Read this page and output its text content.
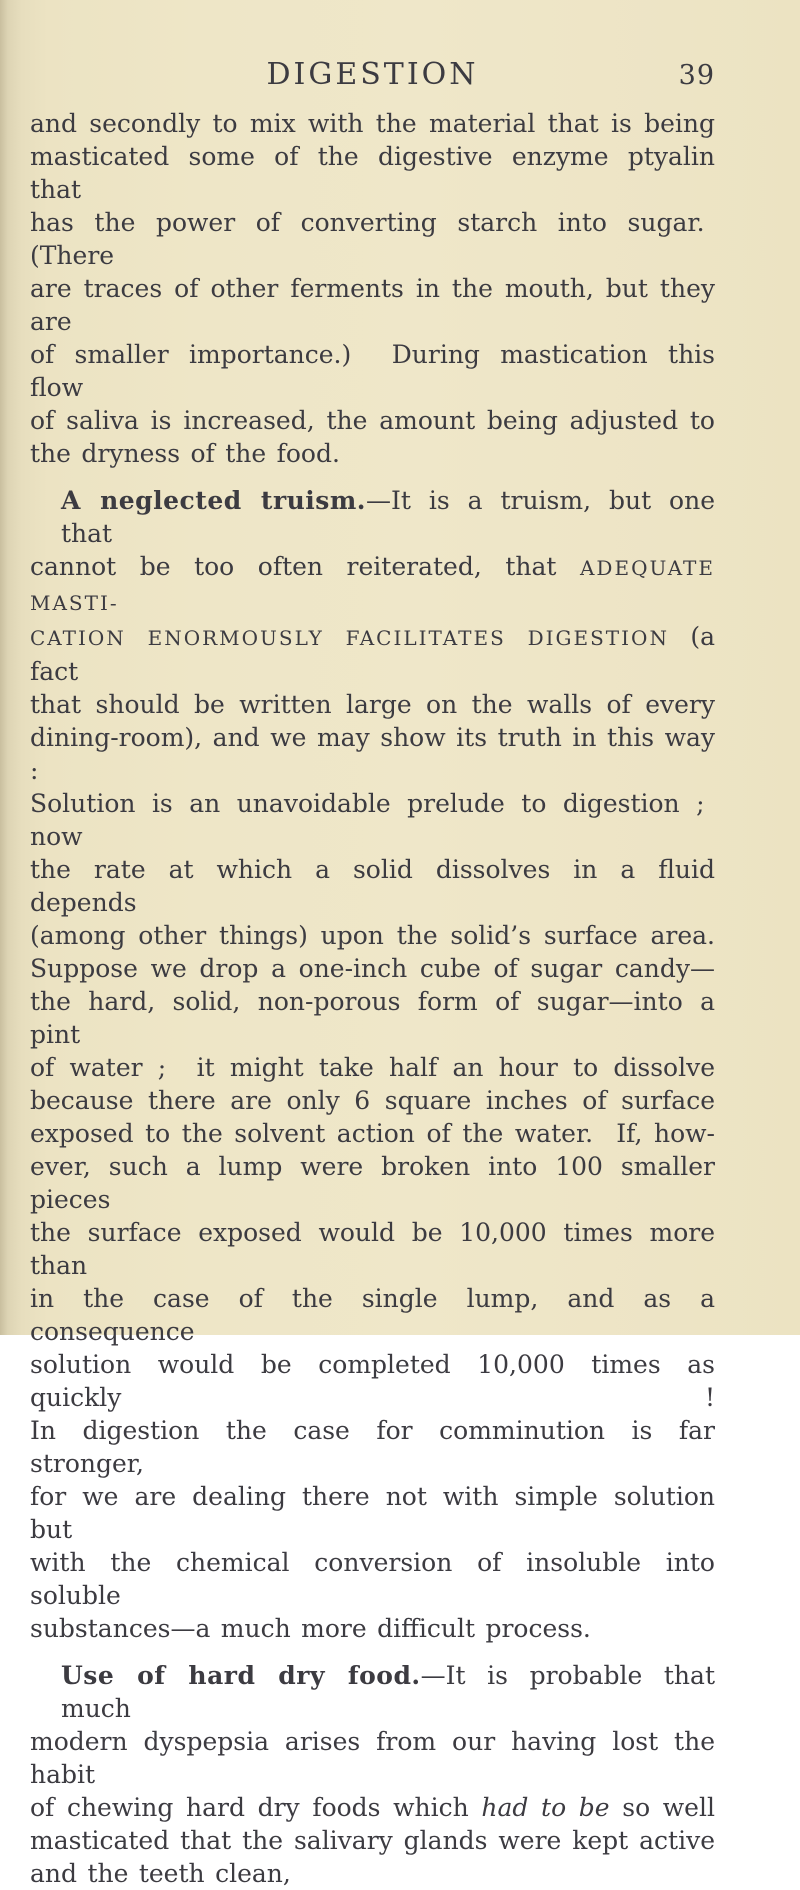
DIGESTION	39
and secondly to mix with the material that is being
masticated some of the digestive enzyme ptyalin that
has the power of converting starch into sugar.  (There
are traces of other ferments in the mouth, but they are
of smaller importance.)  During mastication this flow
of saliva is increased, the amount being adjusted to
the dryness of the food.
A neglected truism.—It is a truism, but one that
cannot be too often reiterated, that ADEQUATE MASTI-
CATION ENORMOUSLY FACILITATES DIGESTION (a fact
that should be written large on the walls of every
dining-room), and we may show its truth in this way :
Solution is an unavoidable prelude to digestion ;  now
the rate at which a solid dissolves in a fluid depends
(among other things) upon the solid’s surface area.
Suppose we drop a one-inch cube of sugar candy—
the hard, solid, non-porous form of sugar—into a pint
of water ;  it might take half an hour to dissolve
because there are only 6 square inches of surface
exposed to the solvent action of the water.  If, how-
ever, such a lump were broken into 100 smaller pieces
the surface exposed would be 10,000 times more than
in the case of the single lump, and as a consequence
solution would be completed 10,000 times as quickly !
In digestion the case for comminution is far stronger,
for we are dealing there not with simple solution but
with the chemical conversion of insoluble into soluble
substances—a much more difficult process.
Use of hard dry food.—It is probable that much
modern dyspepsia arises from our having lost the habit
of chewing hard dry foods which had to be so well
masticated that the salivary glands were kept active
and the teeth clean,
